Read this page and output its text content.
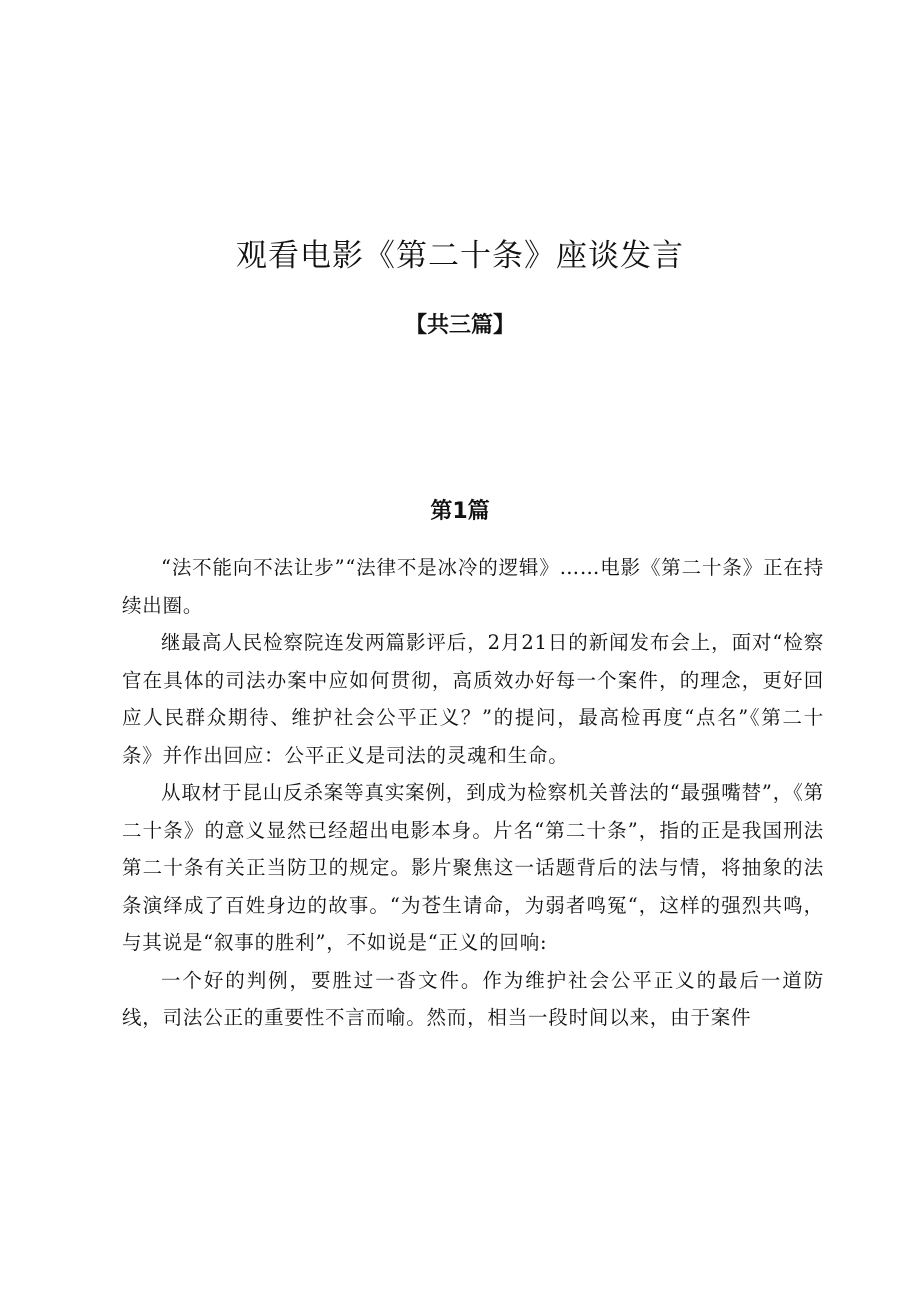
观看电影《第二十条》座谈发言
【共三篇】
第1篇

“法不能向不法让步”“法律不是冰冷的逻辑》……电影《第二十条》正在持续出圈。

继最高人民检察院连发两篇影评后，2月21日的新闻发布会上，面对“检察官在具体的司法办案中应如何贯彻，高质效办好每一个案件，的理念，更好回应人民群众期待、维护社会公平正义？”的提问，最高检再度“点名”《第二十条》并作出回应：公平正义是司法的灵魂和生命。

从取材于昆山反杀案等真实案例，到成为检察机关普法的“最强嘴替”，《第二十条》的意义显然已经超出电影本身。片名“第二十条”，指的正是我国刑法第二十条有关正当防卫的规定。影片聚焦这一话题背后的法与情，将抽象的法条演绎成了百姓身边的故事。“为苍生请命，为弱者鸣冤“，这样的强烈共鸣，与其说是“叙事的胜利”，不如说是“正义的回响:

一个好的判例，要胜过一沓文件。作为维护社会公平正义的最后一道防线，司法公正的重要性不言而喻。然而，相当一段时间以来，由于案件
